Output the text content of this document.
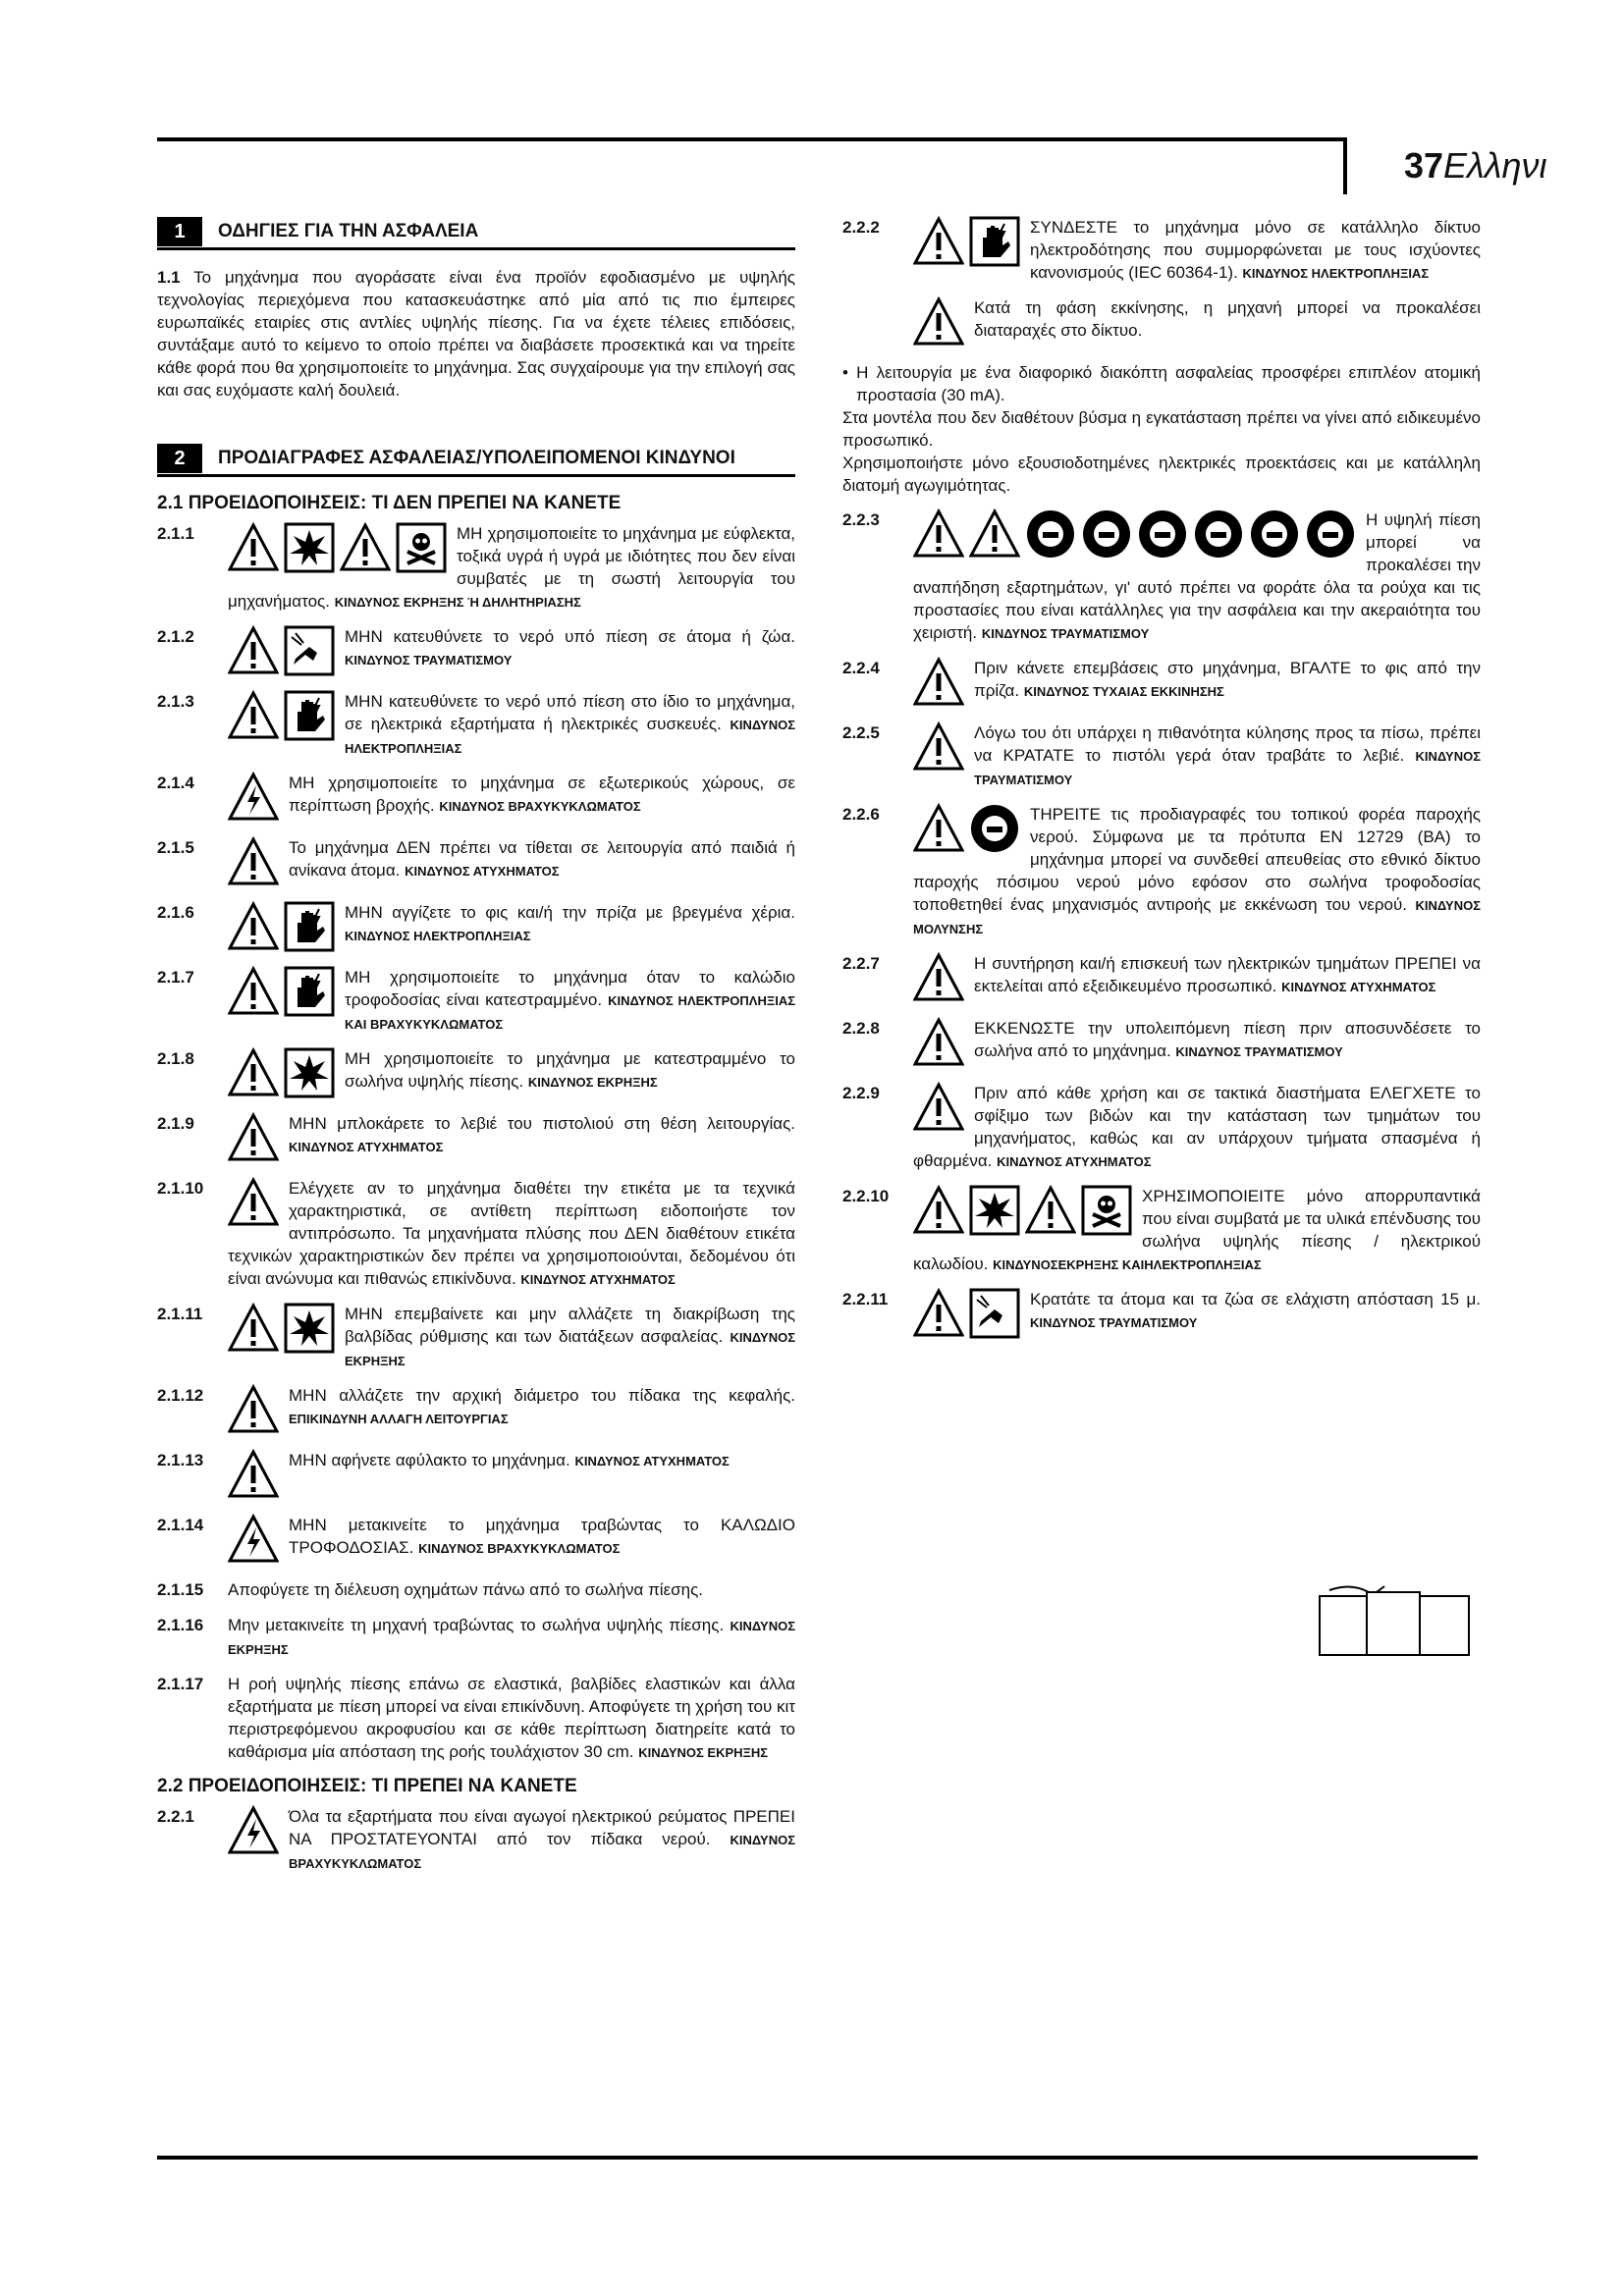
37Ελληνι
1	ΟΔΗΓΙΕΣ ΓΙΑ ΤΗΝ ΑΣΦΑΛΕΙΑ
1.1 Το μηχάνημα που αγοράσατε είναι ένα προϊόν εφοδιασμένο με υψηλής τεχνολογίας περιεχόμενα που κατασκευάστηκε από μία από τις πιο έμπειρες ευρωπαϊκές εταιρίες στις αντλίες υψηλής πίεσης. Για να έχετε τέλειες επιδόσεις, συντάξαμε αυτό το κείμενο το οποίο πρέπει να διαβάσετε προσεκτικά και να τηρείτε κάθε φορά που θα χρησιμοποιείτε το μηχάνημα. Σας συγχαίρουμε για την επιλογή σας και σας ευχόμαστε καλή δουλειά.
2	ΠΡΟΔΙΑΓΡΑΦΕΣ ΑΣΦΑΛΕΙΑΣ/ΥΠΟΛΕΙΠΟΜΕΝΟΙ ΚΙΝΔΥΝΟΙ
2.1 ΠΡΟΕΙΔΟΠΟΙΗΣΕΙΣ: ΤΙ ΔΕΝ ΠΡΕΠΕΙ ΝΑ ΚΑΝΕΤΕ
2.1.1	ΜΗ χρησιμοποιείτε το μηχάνημα με εύφλεκτα, τοξικά υγρά ή υγρά με ιδιότητες που δεν είναι συμβατές με τη σωστή λειτουργία του μηχανήματος. ΚΙΝΔΥΝΟΣ ΕΚΡΗΞΗΣ Ή ΔΗΛΗΤΗΡΙΑΣΗΣ
2.1.2	ΜΗΝ κατευθύνετε το νερό υπό πίεση σε άτομα ή ζώα. ΚΙΝΔΥΝΟΣ ΤΡΑΥΜΑΤΙΣΜΟΥ
2.1.3	ΜΗΝ κατευθύνετε το νερό υπό πίεση στο ίδιο το μηχάνημα, σε ηλεκτρικά εξαρτήματα ή ηλεκτρικές συσκευές. ΚΙΝΔΥΝΟΣ ΗΛΕΚΤΡΟΠΛΗΞΙΑΣ
2.1.4	ΜΗ χρησιμοποιείτε το μηχάνημα σε εξωτερικούς χώρους, σε περίπτωση βροχής. ΚΙΝΔΥΝΟΣ ΒΡΑΧΥΚΥΚΛΩΜΑΤΟΣ
2.1.5	Το μηχάνημα ΔΕΝ πρέπει να τίθεται σε λειτουργία από παιδιά ή ανίκανα άτομα. ΚΙΝΔΥΝΟΣ ΑΤΥΧΗΜΑΤΟΣ
2.1.6	ΜΗΝ αγγίζετε το φις και/ή την πρίζα με βρεγμένα χέρια. ΚΙΝΔΥΝΟΣ ΗΛΕΚΤΡΟΠΛΗΞΙΑΣ
2.1.7	ΜΗ χρησιμοποιείτε το μηχάνημα όταν το καλώδιο τροφοδοσίας είναι κατεστραμμένο. ΚΙΝΔΥΝΟΣ ΗΛΕΚΤΡΟΠΛΗΞΙΑΣ ΚΑΙ ΒΡΑΧΥΚΥΚΛΩΜΑΤΟΣ
2.1.8	ΜΗ χρησιμοποιείτε το μηχάνημα με κατεστραμμένο το σωλήνα υψηλής πίεσης. ΚΙΝΔΥΝΟΣ ΕΚΡΗΞΗΣ
2.1.9	ΜΗΝ μπλοκάρετε το λεβιέ του πιστολιού στη θέση λειτουργίας. ΚΙΝΔΥΝΟΣ ΑΤΥΧΗΜΑΤΟΣ
2.1.10	Ελέγχετε αν το μηχάνημα διαθέτει την ετικέτα με τα τεχνικά χαρακτηριστικά, σε αντίθετη περίπτωση ειδοποιήστε τον αντιπρόσωπο. Τα μηχανήματα πλύσης που ΔΕΝ διαθέτουν ετικέτα τεχνικών χαρακτηριστικών δεν πρέπει να χρησιμοποιούνται, δεδομένου ότι είναι ανώνυμα και πιθανώς επικίνδυνα. ΚΙΝΔΥΝΟΣ ΑΤΥΧΗΜΑΤΟΣ
2.1.11	ΜΗΝ επεμβαίνετε και μην αλλάζετε τη διακρίβωση της βαλβίδας ρύθμισης και των διατάξεων ασφαλείας. ΚΙΝΔΥΝΟΣ ΕΚΡΗΞΗΣ
2.1.12	ΜΗΝ αλλάζετε την αρχική διάμετρο του πίδακα της κεφαλής. ΕΠΙΚΙΝΔΥΝΗ ΑΛΛΑΓΗ ΛΕΙΤΟΥΡΓΙΑΣ
2.1.13	ΜΗΝ αφήνετε αφύλακτο το μηχάνημα. ΚΙΝΔΥΝΟΣ ΑΤΥΧΗΜΑΤΟΣ
2.1.14	ΜΗΝ μετακινείτε το μηχάνημα τραβώντας το ΚΑΛΩΔΙΟ ΤΡΟΦΟΔΟΣΙΑΣ. ΚΙΝΔΥΝΟΣ ΒΡΑΧΥΚΥΚΛΩΜΑΤΟΣ
2.1.15	Αποφύγετε τη διέλευση οχημάτων πάνω από το σωλήνα πίεσης.
2.1.16	Μην μετακινείτε τη μηχανή τραβώντας το σωλήνα υψηλής πίεσης. ΚΙΝΔΥΝΟΣ ΕΚΡΗΞΗΣ
2.1.17	Η ροή υψηλής πίεσης επάνω σε ελαστικά, βαλβίδες ελαστικών και άλλα εξαρτήματα με πίεση μπορεί να είναι επικίνδυνη. Αποφύγετε τη χρήση του κιτ περιστρεφόμενου ακροφυσίου και σε κάθε περίπτωση διατηρείτε κατά το καθάρισμα μία απόσταση της ροής τουλάχιστον 30 cm. ΚΙΝΔΥΝΟΣ ΕΚΡΗΞΗΣ
2.2 ΠΡΟΕΙΔΟΠΟΙΗΣΕΙΣ: ΤΙ ΠΡΕΠΕΙ ΝΑ ΚΑΝΕΤΕ
2.2.1	Όλα τα εξαρτήματα που είναι αγωγοί ηλεκτρικού ρεύματος ΠΡΕΠΕΙ ΝΑ ΠΡΟΣΤΑΤΕΥΟΝΤΑΙ από τον πίδακα νερού. ΚΙΝΔΥΝΟΣ ΒΡΑΧΥΚΥΚΛΩΜΑΤΟΣ
2.2.2	ΣΥΝΔΕΣΤΕ το μηχάνημα μόνο σε κατάλληλο δίκτυο ηλεκτροδότησης που συμμορφώνεται με τους ισχύοντες κανονισμούς (IEC 60364-1). ΚΙΝΔΥΝΟΣ ΗΛΕΚΤΡΟΠΛΗΞΙΑΣ
Κατά τη φάση εκκίνησης, η μηχανή μπορεί να προκαλέσει διαταραχές στο δίκτυο.
• Η λειτουργία με ένα διαφορικό διακόπτη ασφαλείας προσφέρει επιπλέον ατομική προστασία (30 mA).
Στα μοντέλα που δεν διαθέτουν βύσμα η εγκατάσταση πρέπει να γίνει από ειδικευμένο προσωπικό.
Χρησιμοποιήστε μόνο εξουσιοδοτημένες ηλεκτρικές προεκτάσεις και με κατάλληλη διατομή αγωγιμότητας.
2.2.3	Η υψηλή πίεση μπορεί να προκαλέσει την αναπήδηση εξαρτημάτων, γι' αυτό πρέπει να φοράτε όλα τα ρούχα και τις προστασίες που είναι κατάλληλες για την ασφάλεια και την ακεραιότητα του χειριστή. ΚΙΝΔΥΝΟΣ ΤΡΑΥΜΑΤΙΣΜΟΥ
2.2.4	Πριν κάνετε επεμβάσεις στο μηχάνημα, ΒΓΑΛΤΕ το φις από την πρίζα. ΚΙΝΔΥΝΟΣ ΤΥΧΑΙΑΣ ΕΚΚΙΝΗΣΗΣ
2.2.5	Λόγω του ότι υπάρχει η πιθανότητα κύλησης προς τα πίσω, πρέπει να ΚΡΑΤΑΤΕ το πιστόλι γερά όταν τραβάτε το λεβιέ. ΚΙΝΔΥΝΟΣ ΤΡΑΥΜΑΤΙΣΜΟΥ
2.2.6	ΤΗΡΕΙΤΕ τις προδιαγραφές του τοπικού φορέα παροχής νερού. Σύμφωνα με τα πρότυπα EN 12729 (BA) το μηχάνημα μπορεί να συνδεθεί απευθείας στο εθνικό δίκτυο παροχής πόσιμου νερού μόνο εφόσον στο σωλήνα τροφοδοσίας τοποθετηθεί ένας μηχανισμός αντιροής με εκκένωση του νερού. ΚΙΝΔΥΝΟΣ ΜΟΛΥΝΣΗΣ
2.2.7	Η συντήρηση και/ή επισκευή των ηλεκτρικών τμημάτων ΠΡΕΠΕΙ να εκτελείται από εξειδικευμένο προσωπικό. ΚΙΝΔΥΝΟΣ ΑΤΥΧΗΜΑΤΟΣ
2.2.8	ΕΚΚΕΝΩΣΤΕ την υπολειπόμενη πίεση πριν αποσυνδέσετε το σωλήνα από το μηχάνημα. ΚΙΝΔΥΝΟΣ ΤΡΑΥΜΑΤΙΣΜΟΥ
2.2.9	Πριν από κάθε χρήση και σε τακτικά διαστήματα ΕΛΕΓΧΕΤΕ το σφίξιμο των βιδών και την κατάσταση των τμημάτων του μηχανήματος, καθώς και αν υπάρχουν τμήματα σπασμένα ή φθαρμένα. ΚΙΝΔΥΝΟΣ ΑΤΥΧΗΜΑΤΟΣ
2.2.10	ΧΡΗΣΙΜΟΠΟΙΕΙΤΕ μόνο απορρυπαντικά που είναι συμβατά με τα υλικά επένδυσης του σωλήνα υψηλής πίεσης / ηλεκτρικού καλωδίου. ΚΙΝΔΥΝΟΣΕΚΡΗΞΗΣ ΚΑΙΗΛΕΚΤΡΟΠΛΗΞΙΑΣ
2.2.11	Κρατάτε τα άτομα και τα ζώα σε ελάχιστη απόσταση 15 μ. ΚΙΝΔΥΝΟΣ ΤΡΑΥΜΑΤΙΣΜΟΥ
